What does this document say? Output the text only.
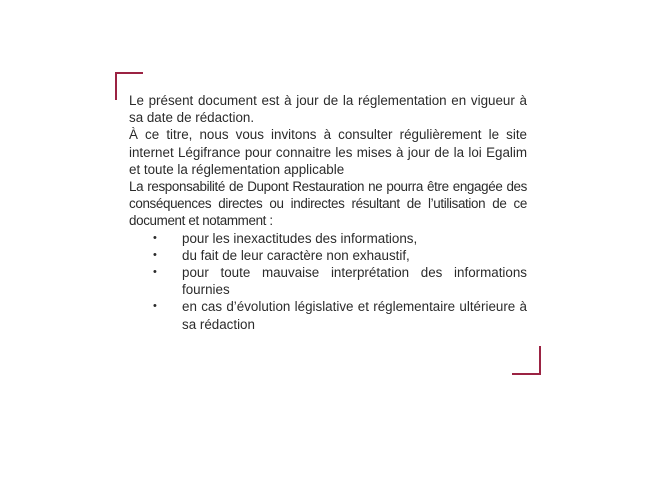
Le présent document est à jour de la réglementation en vigueur à sa date de rédaction.

À ce titre, nous vous invitons à consulter régulièrement le site internet Légifrance pour connaitre les mises à jour de la loi Egalim et toute la réglementation applicable

La responsabilité de Dupont Restauration ne pourra être engagée des conséquences directes ou indirectes résultant de l’utilisation de ce document et notamment :

• pour les inexactitudes des informations,
• du fait de leur caractère non exhaustif,
• pour toute mauvaise interprétation des informations fournies
• en cas d’évolution législative et réglementaire ultérieure à sa rédaction
